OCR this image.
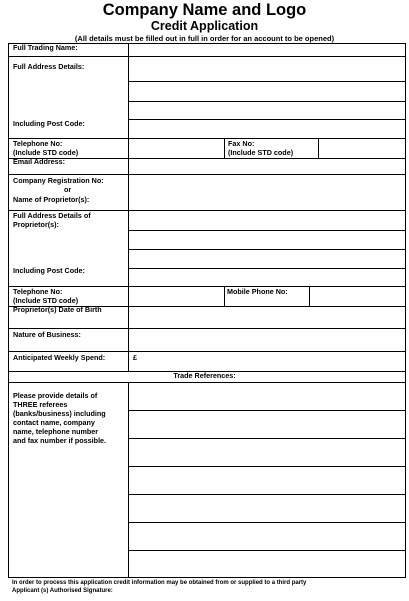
Company Name and Logo
Credit Application
(All details must be filled out in full in order for an account to be opened)
Full Trading Name:
Full Address Details:
Including Post Code:
Telephone No:
(Include STD code)
Fax No:
(Include STD code)
Email Address:
Company Registration No:
or
Name of Proprietor(s):
Full Address Details of
Proprietor(s):
Including Post Code:
Telephone No:
(Include STD code)
Mobile Phone No:
Proprietor(s) Date of Birth
Nature of Business:
Anticipated Weekly Spend:	£
Trade References:
Please provide details of
THREE referees
(banks/business) including
contact name, company
name, telephone number
and fax number if possible.
In order to process this application credit information may be obtained from or supplied to a third party
Applicant (s) Authorised Signature:
